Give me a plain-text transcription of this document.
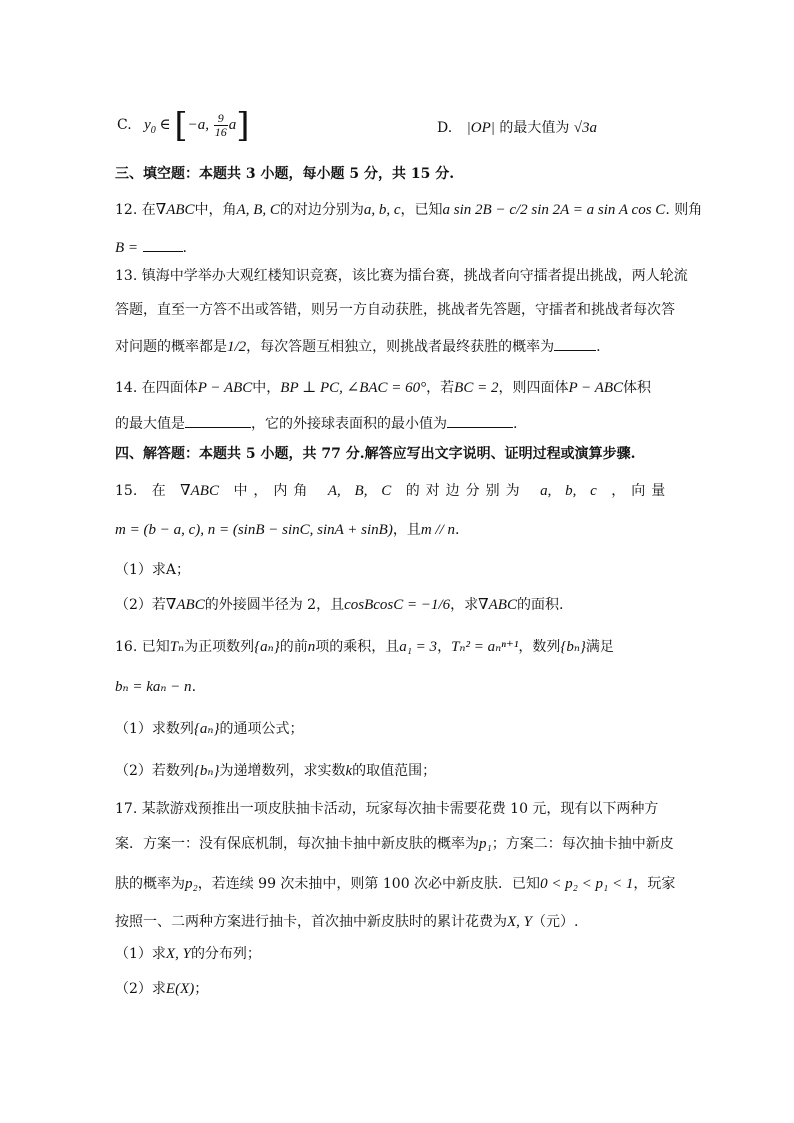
C. $y_0$ ∈ [−a, $\frac{9}{16} a$]	D. |OP| 的最大值为 √3a
三、填空题：本题共 3 小题，每小题 5 分，共 15 分.
12. 在∇ABC中，角A, B, C的对边分别为a, b, c，已知a sin 2B − c/2 sin 2A = a sin A cos C. 则角
B =	.
13. 镇海中学举办大观红楼知识竞赛，该比赛为擂台赛，挑战者向守擂者提出挑战，两人轮流
答题，直至一方答不出或答错，则另一方自动获胜，挑战者先答题，守擂者和挑战者每次答
对问题的概率都是1/2，每次答题互相独立，则挑战者最终获胜的概率为	.
14. 在四面体P − ABC中，BP ⊥ PC, ∠BAC = 60°，若BC = 2，则四面体P − ABC体积
的最大值是	，它的外接球表面积的最小值为	.
四、解答题：本题共 5 小题，共 77 分.解答应写出文字说明、证明过程或演算步骤.
15. 在 ∇ABC 中，内角 A, B, C 的对边分别为 a, b, c ，向量
m = (b − a, c), n = (sinB − sinC, sinA + sinB)，且m // n.
（1）求A；
（2）若∇ABC的外接圆半径为 2，且cosBcosC = −1/6，求∇ABC的面积.
16. 已知Tₙ为正项数列{aₙ}的前n项的乘积，且a₁ = 3，Tₙ² = aₙⁿ⁺¹，数列{bₙ}满足
bₙ = kaₙ − n.
（1）求数列{aₙ}的通项公式；
（2）若数列{bₙ}为递增数列，求实数k的取值范围；
17. 某款游戏预推出一项皮肤抽卡活动，玩家每次抽卡需要花费 10 元，现有以下两种方
案．方案一：没有保底机制，每次抽卡抽中新皮肤的概率为p₁；方案二：每次抽卡抽中新皮
肤的概率为p₂，若连续 99 次未抽中，则第 100 次必中新皮肤．已知0 < p₂ < p₁ < 1，玩家
按照一、二两种方案进行抽卡，首次抽中新皮肤时的累计花费为X, Y（元）.
（1）求X, Y的分布列；
（2）求E(X)；
